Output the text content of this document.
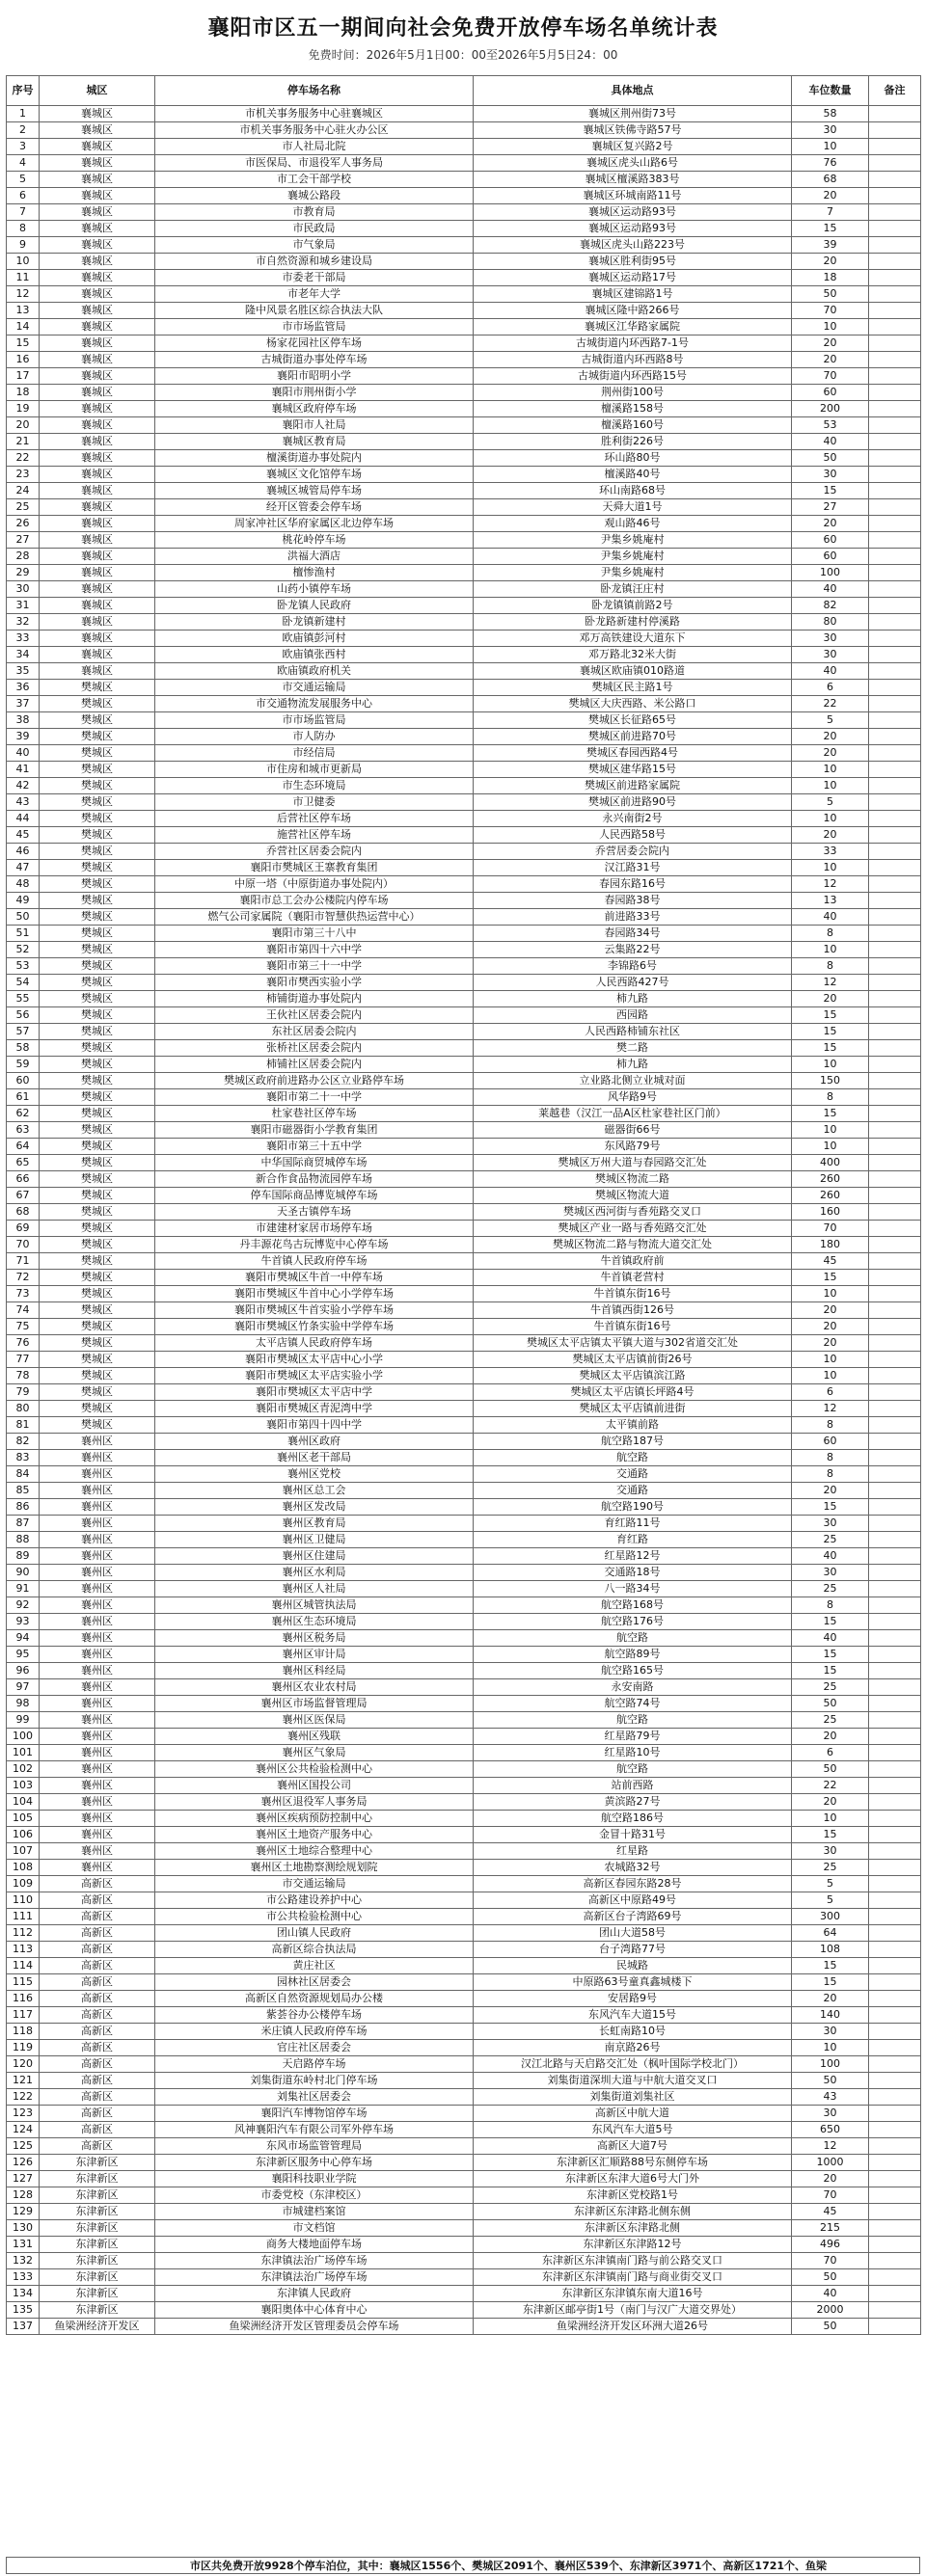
襄阳市区五一期间向社会免费开放停车场名单统计表
免费时间：2026年5月1日00：00至2026年5月5日24：00
序号	城区	停车场名称	具体地点	车位数量	备注
1	襄城区	市机关事务服务中心驻襄城区	襄城区荆州街73号	58	
2	襄城区	市机关事务服务中心驻火办公区	襄城区铁佛寺路57号	30	
3	襄城区	市人社局北院	襄城区复兴路2号	10	
4	襄城区	市医保局、市退役军人事务局	襄城区虎头山路6号	76	
5	襄城区	市工会干部学校	襄城区檀溪路383号	68	
6	襄城区	襄城公路段	襄城区环城南路11号	20	
7	襄城区	市教育局	襄城区运动路93号	7	
8	襄城区	市民政局	襄城区运动路93号	15	
9	襄城区	市气象局	襄城区虎头山路223号	39	
10	襄城区	市自然资源和城乡建设局	襄城区胜利街95号	20	
11	襄城区	市委老干部局	襄城区运动路17号	18	
12	襄城区	市老年大学	襄城区建锦路1号	50	
13	襄城区	隆中风景名胜区综合执法大队	襄城区隆中路266号	70	
14	襄城区	市市场监管局	襄城区江华路家属院	10	
15	襄城区	杨家花园社区停车场	古城街道内环西路7-1号	20	
16	襄城区	古城街道办事处停车场	古城街道内环西路8号	20	
17	襄城区	襄阳市昭明小学	古城街道内环西路15号	70	
18	襄城区	襄阳市荆州街小学	荆州街100号	60	
19	襄城区	襄城区政府停车场	檀溪路158号	200	
20	襄城区	襄阳市人社局	檀溪路160号	53	
21	襄城区	襄城区教育局	胜利街226号	40	
22	襄城区	檀溪街道办事处院内	环山路80号	50	
23	襄城区	襄城区文化馆停车场	檀溪路40号	30	
24	襄城区	襄城区城管局停车场	环山南路68号	15	
25	襄城区	经开区管委会停车场	天舜大道1号	27	
26	襄城区	周家冲社区华府家属区北边停车场	观山路46号	20	
27	襄城区	桃花岭停车场	尹集乡姚庵村	60	
28	襄城区	洪福大酒店	尹集乡姚庵村	60	
29	襄城区	檀惨渔村	尹集乡姚庵村	100	
30	襄城区	山药小镇停车场	卧龙镇汪庄村	40	
31	襄城区	卧龙镇人民政府	卧龙镇镇前路2号	82	
32	襄城区	卧龙镇新建村	卧龙路新建村停溪路	80	
33	襄城区	欧庙镇彭河村	邓万高铁建设大道东下	30	
34	襄城区	欧庙镇张西村	邓万路北32米大街	30	
35	襄城区	欧庙镇政府机关	襄城区欧庙镇010路道	40	
36	樊城区	市交通运输局	樊城区民主路1号	6	
37	樊城区	市交通物流发展服务中心	樊城区大庆西路、米公路口	22	
38	樊城区	市市场监管局	樊城区长征路65号	5	
39	樊城区	市人防办	樊城区前进路70号	20	
40	樊城区	市经信局	樊城区春园西路4号	20	
41	樊城区	市住房和城市更新局	樊城区建华路15号	10	
42	樊城区	市生态环境局	樊城区前进路家属院	10	
43	樊城区	市卫健委	樊城区前进路90号	5	
44	樊城区	后营社区停车场	永兴南街2号	10	
45	樊城区	施营社区停车场	人民西路58号	20	
46	樊城区	乔营社区居委会院内	乔营居委会院内	33	
47	樊城区	襄阳市樊城区王寨教育集团	汉江路31号	10	
48	樊城区	中原一塔（中原街道办事处院内）	春园东路16号	12	
49	樊城区	襄阳市总工会办公楼院内停车场	春园路38号	13	
50	樊城区	燃气公司家属院（襄阳市智慧供热运营中心）	前进路33号	40	
51	樊城区	襄阳市第三十八中	春园路34号	8	
52	樊城区	襄阳市第四十六中学	云集路22号	10	
53	樊城区	襄阳市第三十一中学	李锦路6号	8	
54	樊城区	襄阳市樊西实验小学	人民西路427号	12	
55	樊城区	柿铺街道办事处院内	柿九路	20	
56	樊城区	王伙社区居委会院内	西园路	15	
57	樊城区	东社区居委会院内	人民西路柿铺东社区	15	
58	樊城区	张桥社区居委会院内	樊二路	15	
59	樊城区	柿铺社区居委会院内	柿九路	10	
60	樊城区	樊城区政府前进路办公区立业路停车场	立业路北侧立业城对面	150	
61	樊城区	襄阳市第二十一中学	风华路9号	8	
62	樊城区	杜家巷社区停车场	莱越巷（汉江一品A区杜家巷社区门前）	15	
63	樊城区	襄阳市磁器街小学教育集团	磁器街66号	10	
64	樊城区	襄阳市第三十五中学	东风路79号	10	
65	樊城区	中华国际商贸城停车场	樊城区万州大道与春园路交汇处	400	
66	樊城区	新合作食品物流园停车场	樊城区物流二路	260	
67	樊城区	停车国际商品博览城停车场	樊城区物流大道	260	
68	樊城区	天圣古镇停车场	樊城区西河街与香苑路交叉口	160	
69	樊城区	市建建材家居市场停车场	樊城区产业一路与香苑路交汇处	70	
70	樊城区	丹丰源花鸟古玩博览中心停车场	樊城区物流二路与物流大道交汇处	180	
71	樊城区	牛首镇人民政府停车场	牛首镇政府前	45	
72	樊城区	襄阳市樊城区牛首一中停车场	牛首镇老营村	15	
73	樊城区	襄阳市樊城区牛首中心小学停车场	牛首镇东街16号	10	
74	樊城区	襄阳市樊城区牛首实验小学停车场	牛首镇西街126号	20	
75	樊城区	襄阳市樊城区竹条实验中学停车场	牛首镇东街16号	20	
76	樊城区	太平店镇人民政府停车场	樊城区太平店镇太平镇大道与302省道交汇处	20	
77	樊城区	襄阳市樊城区太平店中心小学	樊城区太平店镇前街26号	10	
78	樊城区	襄阳市樊城区太平店实验小学	樊城区太平店镇滨江路	10	
79	樊城区	襄阳市樊城区太平店中学	樊城区太平店镇长坪路4号	6	
80	樊城区	襄阳市樊城区青泥湾中学	樊城区太平店镇前进街	12	
81	樊城区	襄阳市第四十四中学	太平镇前路	8	
82	襄州区	襄州区政府	航空路187号	60	
83	襄州区	襄州区老干部局	航空路	8	
84	襄州区	襄州区党校	交通路	8	
85	襄州区	襄州区总工会	交通路	20	
86	襄州区	襄州区发改局	航空路190号	15	
87	襄州区	襄州区教育局	育红路11号	30	
88	襄州区	襄州区卫健局	育红路	25	
89	襄州区	襄州区住建局	红星路12号	40	
90	襄州区	襄州区水利局	交通路18号	30	
91	襄州区	襄州区人社局	八一路34号	25	
92	襄州区	襄州区城管执法局	航空路168号	8	
93	襄州区	襄州区生态环境局	航空路176号	15	
94	襄州区	襄州区税务局	航空路	40	
95	襄州区	襄州区审计局	航空路89号	15	
96	襄州区	襄州区科经局	航空路165号	15	
97	襄州区	襄州区农业农村局	永安南路	25	
98	襄州区	襄州区市场监督管理局	航空路74号	50	
99	襄州区	襄州区医保局	航空路	25	
100	襄州区	襄州区残联	红星路79号	20	
101	襄州区	襄州区气象局	红星路10号	6	
102	襄州区	襄州区公共检验检测中心	航空路	50	
103	襄州区	襄州区国投公司	站前西路	22	
104	襄州区	襄州区退役军人事务局	黄滨路27号	20	
105	襄州区	襄州区疾病预防控制中心	航空路186号	10	
106	襄州区	襄州区土地资产服务中心	金冒十路31号	15	
107	襄州区	襄州区土地综合整理中心	红星路	30	
108	襄州区	襄州区土地勘察测绘规划院	农城路32号	25	
109	高新区	市交通运输局	高新区春园东路28号	5	
110	高新区	市公路建设养护中心	高新区中原路49号	5	
111	高新区	市公共检验检测中心	高新区台子湾路69号	300	
112	高新区	团山镇人民政府	团山大道58号	64	
113	高新区	高新区综合执法局	台子湾路77号	108	
114	高新区	黄庄社区	民城路	15	
115	高新区	园林社区居委会	中原路63号童真鑫城楼下	15	
116	高新区	高新区自然资源规划局办公楼	安居路9号	20	
117	高新区	紫荟谷办公楼停车场	东风汽车大道15号	140	
118	高新区	米庄镇人民政府停车场	长虹南路10号	30	
119	高新区	官庄社区居委会	南京路26号	10	
120	高新区	天启路停车场	汉江北路与天启路交汇处（枫叶国际学校北门）	100	
121	高新区	刘集街道东岭村北门停车场	刘集街道深圳大道与中航大道交叉口	50	
122	高新区	刘集社区居委会	刘集街道刘集社区	43	
123	高新区	襄阳汽车博物馆停车场	高新区中航大道	30	
124	高新区	风神襄阳汽车有限公司军外停车场	东风汽车大道5号	650	
125	高新区	东风市场监管管理局	高新区大道7号	12	
126	东津新区	东津新区服务中心停车场	东津新区汇顺路88号东侧停车场	1000	
127	东津新区	襄阳科技职业学院	东津新区东津大道6号大门外	20	
128	东津新区	市委党校（东津校区）	东津新区党校路1号	70	
129	东津新区	市城建档案馆	东津新区东津路北侧东侧	45	
130	东津新区	市文档馆	东津新区东津路北侧	215	
131	东津新区	商务大楼地面停车场	东津新区东津路12号	496	
132	东津新区	东津镇法治广场停车场	东津新区东津镇南门路与前公路交叉口	70	
133	东津新区	东津镇法治广场停车场	东津新区东津镇南门路与商业街交叉口	50	
134	东津新区	东津镇人民政府	东津新区东津镇东南大道16号	40	
135	东津新区	襄阳奥体中心体育中心	东津新区邮亭街1号（南门与汉广大道交界处）	2000	
137	鱼梁洲经济开发区	鱼梁洲经济开发区管理委员会停车场	鱼梁洲经济开发区环洲大道26号	50	
市区共免费开放9928个停车泊位，其中：襄城区1556个、樊城区2091个、襄州区539个、东津新区3971个、高新区1721个、鱼梁
